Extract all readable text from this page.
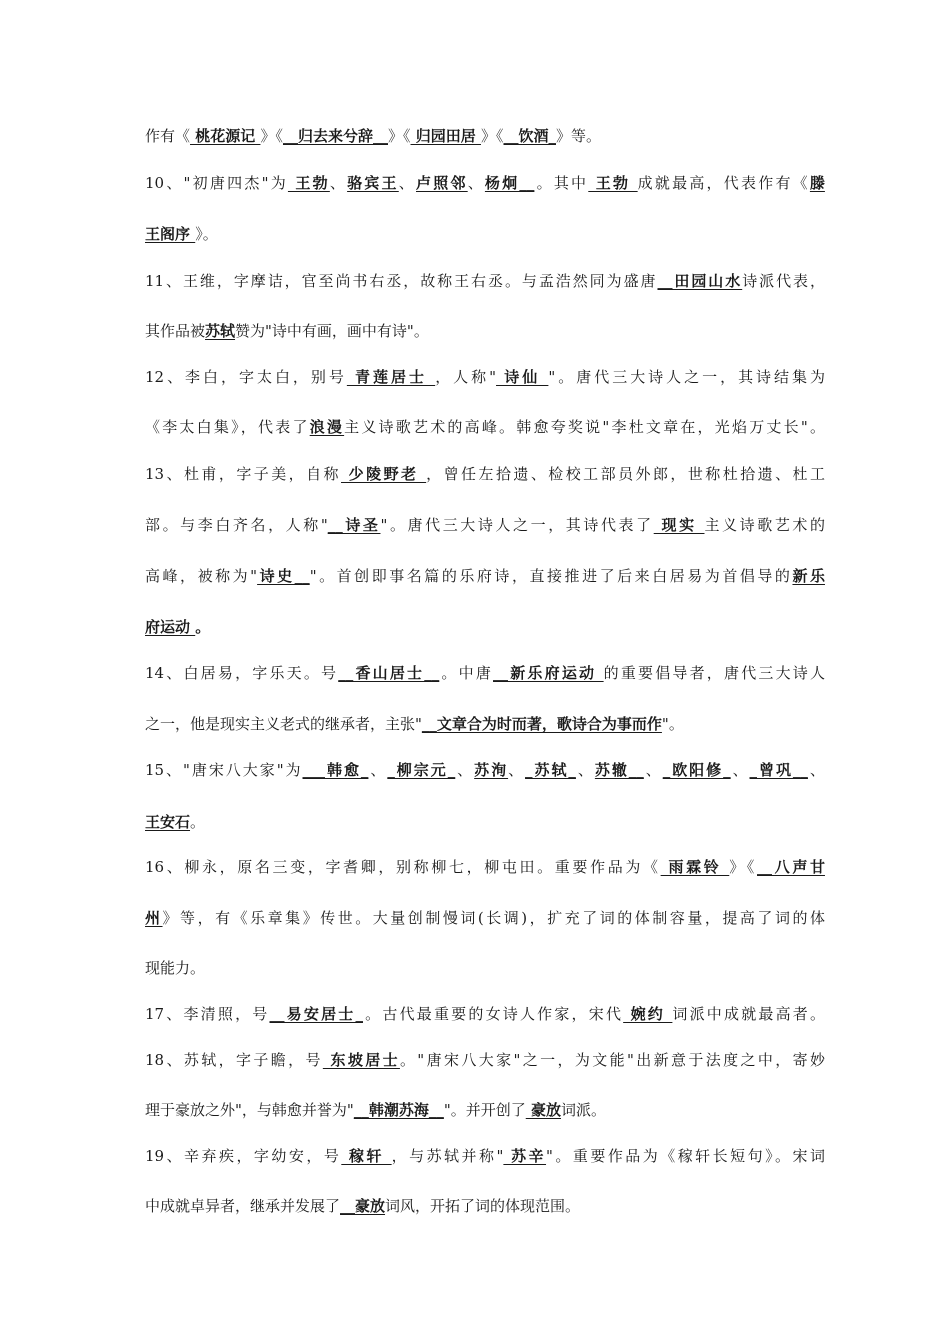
作有《 桃花源记 》《__归去来兮辞__》《 归园田居 》《__饮酒_》等。
10、"初唐四杰"为 王勃、骆宾王、卢照邻、杨炯__。其中 王勃 成就最高，代表作有《滕
王阁序 》。
11、王维，字摩诘，官至尚书右丞，故称王右丞。与孟浩然同为盛唐__田园山水诗派代表，
其作品被苏轼赞为"诗中有画，画中有诗"。
12、李白，字太白，别号 青莲居士 ，人称" 诗仙 "。唐代三大诗人之一，其诗结集为
《李太白集》，代表了浪漫主义诗歌艺术的高峰。韩愈夸奖说"李杜文章在，光焰万丈长"。
13、杜甫，字子美，自称 少陵野老 ，曾任左拾遗、检校工部员外郎，世称杜拾遗、杜工
部。与李白齐名，人称"__诗圣"。唐代三大诗人之一，其诗代表了 现实 主义诗歌艺术的
高峰，被称为"诗史__"。首创即事名篇的乐府诗，直接推进了后来白居易为首倡导的新乐
府运动 。
14、白居易，字乐天。号__香山居士__。中唐__新乐府运动 的重要倡导者，唐代三大诗人
之一，他是现实主义老式的继承者，主张"__文章合为时而著，歌诗合为事而作"。
15、"唐宋八大家"为___韩愈_、_柳宗元_、苏洵、_苏轼_、苏辙__、_欧阳修_、_曾巩__、
王安石。
16、柳永，原名三变，字耆卿，别称柳七，柳屯田。重要作品为《 雨霖铃 》《__八声甘
州》等，有《乐章集》传世。大量创制慢词(长调)，扩充了词的体制容量，提高了词的体
现能力。
17、李清照，号__易安居士_。古代最重要的女诗人作家，宋代 婉约 词派中成就最高者。
18、苏轼，字子瞻，号 东坡居士。"唐宋八大家"之一，为文能"出新意于法度之中，寄妙
理于豪放之外"，与韩愈并誉为"__韩潮苏海__"。并开创了 豪放词派。
19、辛弃疾，字幼安，号 稼轩 ，与苏轼并称" 苏辛"。重要作品为《稼轩长短句》。宋词
中成就卓异者，继承并发展了__豪放词风，开拓了词的体现范围。
